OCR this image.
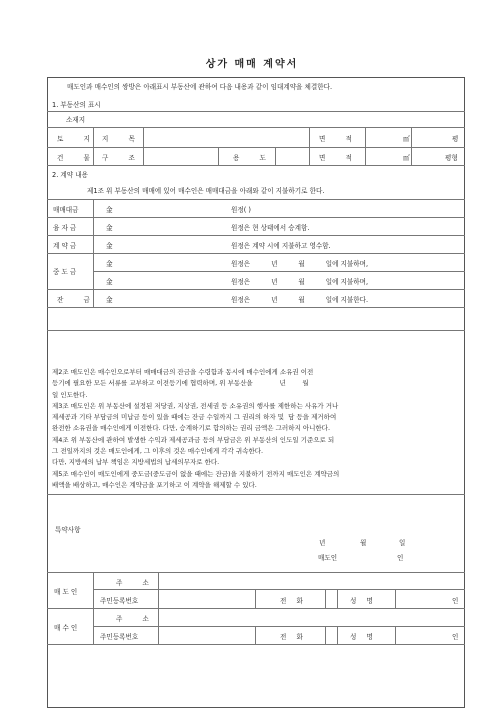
상가 매매 계약서
매도인과 매수인의 쌍방은 아래표시 부동산에 관하여 다음 내용과 같이 임대계약을 체결한다.
1. 부동산의 표시
소재지
토 지 지 목	면 적	㎡	평
건 물 구 조	용 도	면 적	㎡	평형
2. 계약 내용
제1조 위 부동산의 매매에 있어 매수인은 매매대금을 아래와 같이 지불하기로 한다.
매매대금	金	원정( )
융 자 금	金	원정은 현 상태에서 승계함.
계 약 금	金	원정은 계약 시에 지불하고 영수함.
중 도 금
金	원정은          년          월          일에 지불하며,
金	원정은          년          월          일에 지불하며,
잔 금 金	원정은          년          월          일에 지불한다.
제2조 매도인은 매수인으로부터 매매대금의 잔금을 수령함과 동시에 매수인에게 소유권 이전
등기에 필요한 모든 서류를 교부하고 이전등기에 협력하며, 위 부동산을             년        월
일 인도한다.
제3조 매도인은 위 부동산에 설정된 저당권, 지상권, 전세권 등 소유권의 행사를 제한하는 사유가 거나
제세공과 기타 부담금의 미납금 등이 있을 때에는 잔금 수일까지 그 권리의 하자 및  담 등을 제거하여
완전한 소유권을 매수인에게 이전한다. 다만, 승계하기로 합의하는 권리 금액은 그러하지 아니한다.
제4조 위 부동산에 관하여 발생한 수익과 제세공과금 등의 부담금은 위 부동산의 인도일 기준으로 되
그 전일까지의 것은 매도인에게, 그 이후의 것은 매수인에게 각각 귀속한다.
다만, 지방세의 납부 책임은 지방세법의 납세의무자로 한다.
제5조 매수인이 매도인에게 중도금(중도금이 없을 때에는 잔금)을 지불하기 전까지 매도인은 계약금의
배액을 배상하고, 매수인은 계약금을 포기하고 이 계약을 해제할 수 있다.
특약사항
년	월	일
매도인	인
매 도 인
주 소
주민등록번호	전 화	성 명	인
매 수 인
주 소
주민등록번호	전 화	성 명	인
